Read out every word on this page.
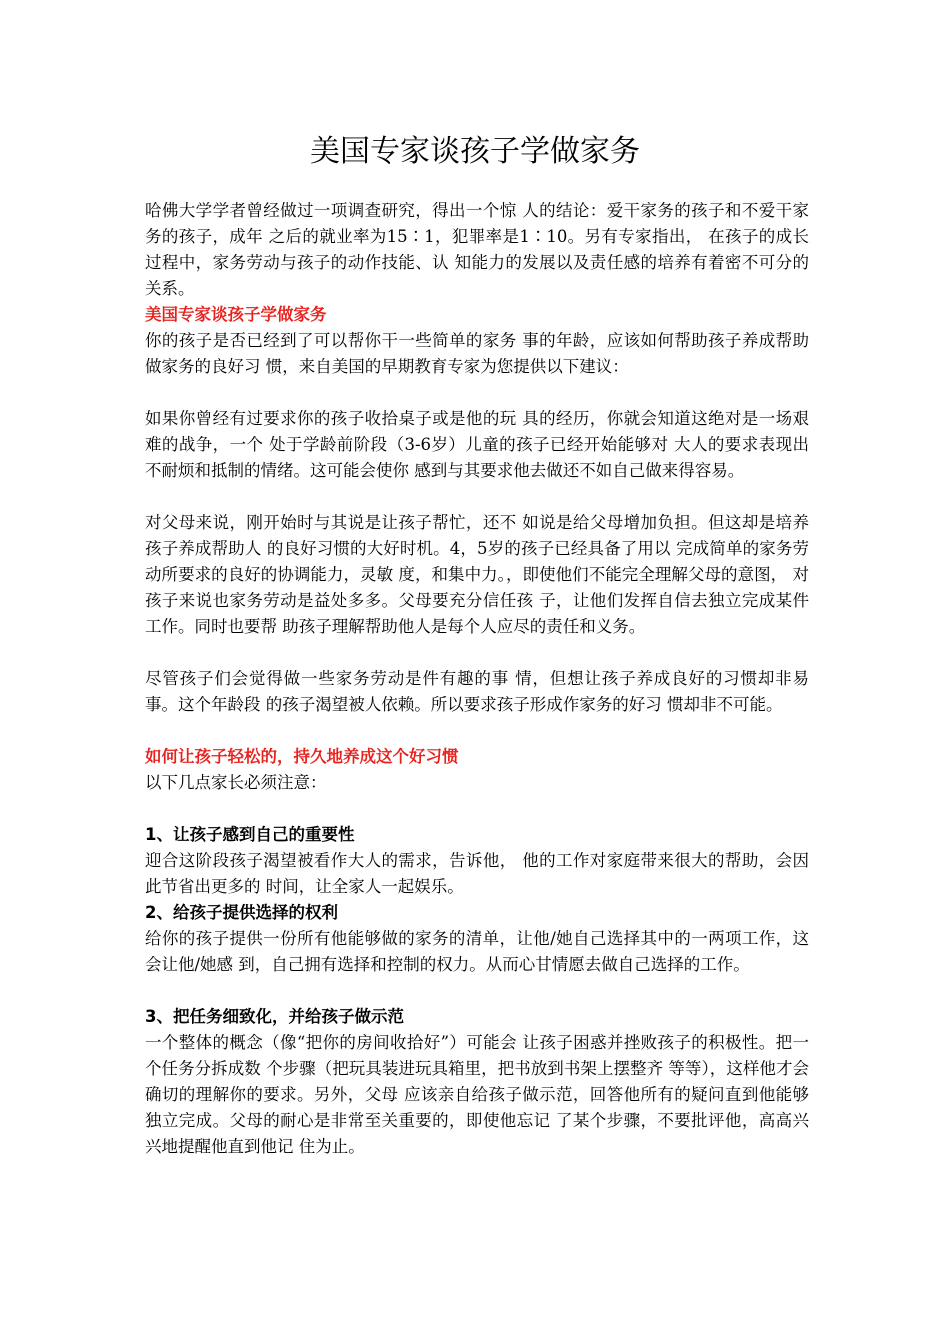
美国专家谈孩子学做家务

哈佛大学学者曾经做过一项调查研究，得出一个惊 人的结论：爱干家务的孩子和不爱干家务的孩子，成年 之后的就业率为15∶1，犯罪率是1∶10。另有专家指出， 在孩子的成长过程中，家务劳动与孩子的动作技能、认 知能力的发展以及责任感的培养有着密不可分的关系。

美国专家谈孩子学做家务

你的孩子是否已经到了可以帮你干一些简单的家务 事的年龄，应该如何帮助孩子养成帮助做家务的良好习 惯，来自美国的早期教育专家为您提供以下建议：

如果你曾经有过要求你的孩子收拾桌子或是他的玩 具的经历，你就会知道这绝对是一场艰难的战争，一个 处于学龄前阶段（3-6岁）儿童的孩子已经开始能够对 大人的要求表现出不耐烦和抵制的情绪。这可能会使你 感到与其要求他去做还不如自己做来得容易。

对父母来说，刚开始时与其说是让孩子帮忙，还不 如说是给父母增加负担。但这却是培养孩子养成帮助人 的良好习惯的大好时机。4，5岁的孩子已经具备了用以 完成简单的家务劳动所要求的良好的协调能力，灵敏 度，和集中力。，即使他们不能完全理解父母的意图， 对孩子来说也家务劳动是益处多多。父母要充分信任孩 子，让他们发挥自信去独立完成某件工作。同时也要帮 助孩子理解帮助他人是每个人应尽的责任和义务。

尽管孩子们会觉得做一些家务劳动是件有趣的事 情，但想让孩子养成良好的习惯却非易事。这个年龄段 的孩子渴望被人依赖。所以要求孩子形成作家务的好习 惯却非不可能。

如何让孩子轻松的，持久地养成这个好习惯

以下几点家长必须注意：

1、让孩子感到自己的重要性

迎合这阶段孩子渴望被看作大人的需求，告诉他， 他的工作对家庭带来很大的帮助，会因此节省出更多的 时间，让全家人一起娱乐。

2、给孩子提供选择的权利

给你的孩子提供一份所有他能够做的家务的清单，让他/她自己选择其中的一两项工作，这会让他/她感 到，自己拥有选择和控制的权力。从而心甘情愿去做自己选择的工作。

3、把任务细致化，并给孩子做示范

一个整体的概念（像“把你的房间收拾好”）可能会 让孩子困惑并挫败孩子的积极性。把一个任务分拆成数 个步骤（把玩具装进玩具箱里，把书放到书架上摆整齐 等等），这样他才会确切的理解你的要求。另外，父母 应该亲自给孩子做示范，回答他所有的疑问直到他能够 独立完成。父母的耐心是非常至关重要的，即使他忘记 了某个步骤，不要批评他，高高兴兴地提醒他直到他记 住为止。
